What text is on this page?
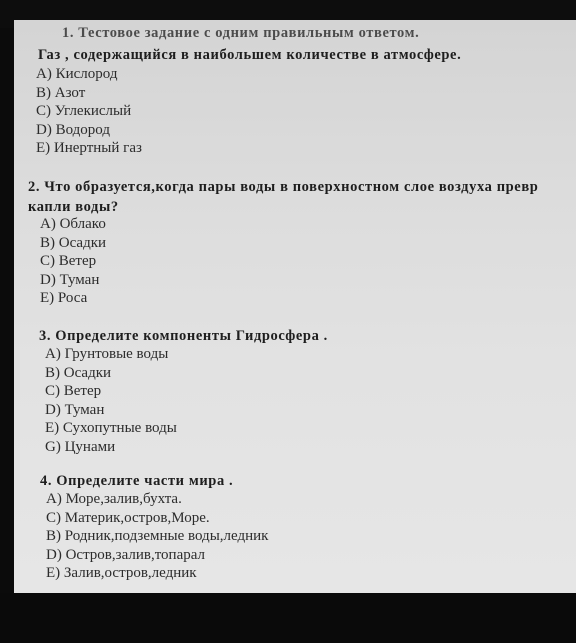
1. Тестовое задание с одним правильным ответом.
Газ , содержащийся в наибольшем количестве в атмосфере.
А) Кислород
В) Азот
С) Углекислый
D) Водород
Е) Инертный газ
2. Что образуется,когда пары воды в поверхностном слое воздуха превр
капли воды?
А) Облако
В) Осадки
С) Ветер
D) Туман
Е) Роса
3. Определите компоненты Гидросфера .
А) Грунтовые воды
В) Осадки
С) Ветер
D) Туман
Е) Сухопутные воды
G) Цунами
4. Определите части мира .
А) Море,залив,бухта.
С) Материк,остров,Море.
В) Родник,подземные воды,ледник
D) Остров,залив,топарал
Е) Залив,остров,ледник
